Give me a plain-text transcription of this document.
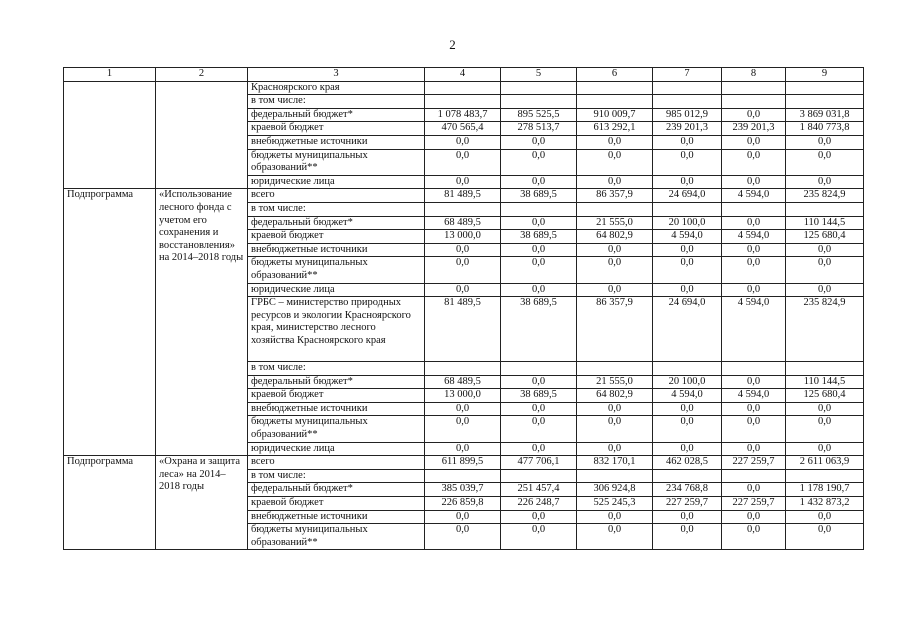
2
1	2	3	4	5	6	7	8	9
		Красноярского края						
		в том числе:						
		федеральный бюджет*	1 078 483,7	895 525,5	910 009,7	985 012,9	0,0	3 869 031,8
		краевой бюджет	470 565,4	278 513,7	613 292,1	239 201,3	239 201,3	1 840 773,8
		внебюджетные источники	0,0	0,0	0,0	0,0	0,0	0,0
		бюджеты муниципальных образований**	0,0	0,0	0,0	0,0	0,0	0,0
		юридические лица	0,0	0,0	0,0	0,0	0,0	0,0
Подпрограмма	«Использование лесного фонда с учетом его сохранения и восстановления» на 2014–2018 годы	всего	81 489,5	38 689,5	86 357,9	24 694,0	4 594,0	235 824,9
		в том числе:						
		федеральный бюджет*	68 489,5	0,0	21 555,0	20 100,0	0,0	110 144,5
		краевой бюджет	13 000,0	38 689,5	64 802,9	4 594,0	4 594,0	125 680,4
		внебюджетные источники	0,0	0,0	0,0	0,0	0,0	0,0
		бюджеты муниципальных образований**	0,0	0,0	0,0	0,0	0,0	0,0
		юридические лица	0,0	0,0	0,0	0,0	0,0	0,0
		ГРБС – министерство природных ресурсов и экологии Красноярского края, министерство лесного хозяйства Красноярского края	81 489,5	38 689,5	86 357,9	24 694,0	4 594,0	235 824,9
		в том числе:						
		федеральный бюджет*	68 489,5	0,0	21 555,0	20 100,0	0,0	110 144,5
		краевой бюджет	13 000,0	38 689,5	64 802,9	4 594,0	4 594,0	125 680,4
		внебюджетные источники	0,0	0,0	0,0	0,0	0,0	0,0
		бюджеты муниципальных образований**	0,0	0,0	0,0	0,0	0,0	0,0
		юридические лица	0,0	0,0	0,0	0,0	0,0	0,0
Подпрограмма	«Охрана и защита леса» на 2014–2018 годы	всего	611 899,5	477 706,1	832 170,1	462 028,5	227 259,7	2 611 063,9
		в том числе:						
		федеральный бюджет*	385 039,7	251 457,4	306 924,8	234 768,8	0,0	1 178 190,7
		краевой бюджет	226 859,8	226 248,7	525 245,3	227 259,7	227 259,7	1 432 873,2
		внебюджетные источники	0,0	0,0	0,0	0,0	0,0	0,0
		бюджеты муниципальных образований**	0,0	0,0	0,0	0,0	0,0	0,0
